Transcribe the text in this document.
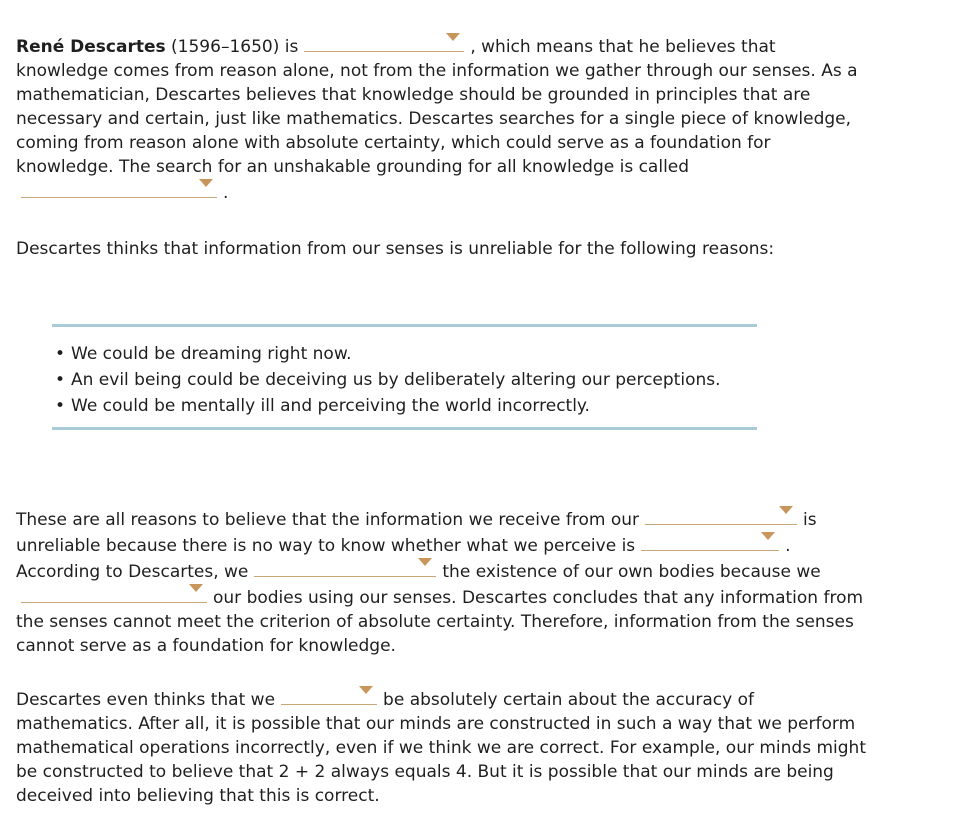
René Descartes (1596–1650) is	, which means that he believes that
knowledge comes from reason alone, not from the information we gather through our senses. As a
mathematician, Descartes believes that knowledge should be grounded in principles that are
necessary and certain, just like mathematics. Descartes searches for a single piece of knowledge,
coming from reason alone with absolute certainty, which could serve as a foundation for
knowledge. The search for an unshakable grounding for all knowledge is called
.
Descartes thinks that information from our senses is unreliable for the following reasons:
• We could be dreaming right now.
• An evil being could be deceiving us by deliberately altering our perceptions.
• We could be mentally ill and perceiving the world incorrectly.
These are all reasons to believe that the information we receive from our	is
unreliable because there is no way to know whether what we perceive is	.
According to Descartes, we	the existence of our own bodies because we
our bodies using our senses. Descartes concludes that any information from
the senses cannot meet the criterion of absolute certainty. Therefore, information from the senses
cannot serve as a foundation for knowledge.
Descartes even thinks that we	be absolutely certain about the accuracy of
mathematics. After all, it is possible that our minds are constructed in such a way that we perform
mathematical operations incorrectly, even if we think we are correct. For example, our minds might
be constructed to believe that 2 + 2 always equals 4. But it is possible that our minds are being
deceived into believing that this is correct.
